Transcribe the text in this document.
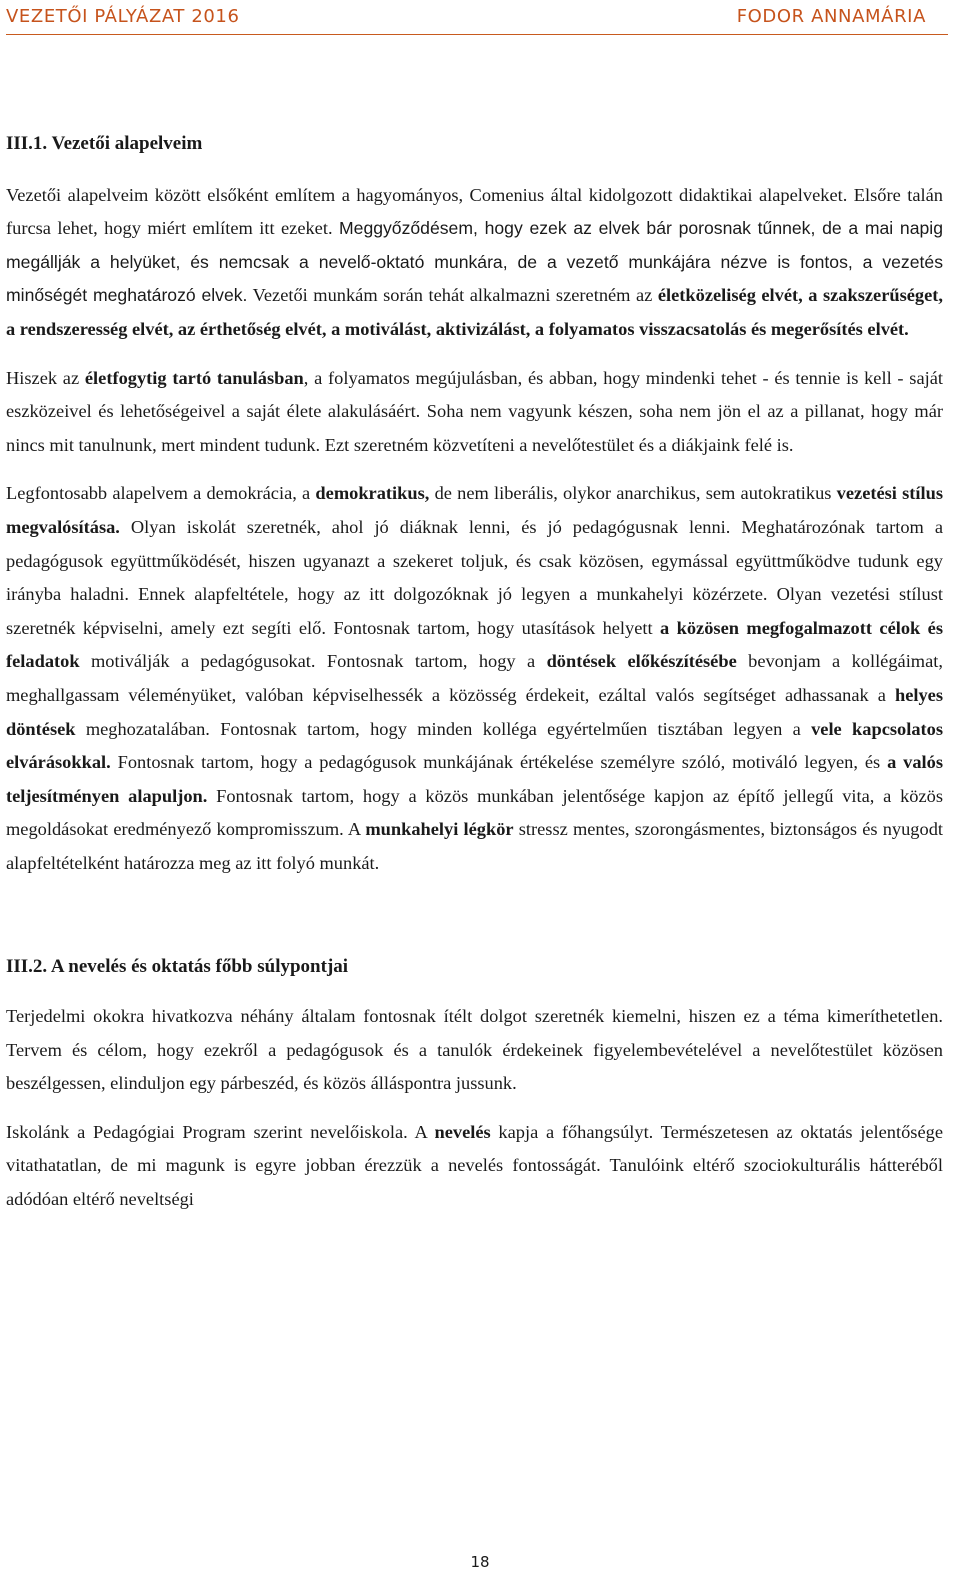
VEZETŐI PÁLYÁZAT 2016	FODOR ANNAMÁRIA
III.1. Vezetői alapelveim

Vezetői alapelveim között elsőként említem a hagyományos, Comenius által kidolgozott didaktikai alapelveket. Elsőre talán furcsa lehet, hogy miért említem itt ezeket. Meggyőződésem, hogy ezek az elvek bár porosnak tűnnek, de a mai napig megállják a helyüket, és nemcsak a nevelő-oktató munkára, de a vezető munkájára nézve is fontos, a vezetés minőségét meghatározó elvek. Vezetői munkám során tehát alkalmazni szeretném az életközeliség elvét, a szakszerűséget, a rendszeresség elvét, az érthetőség elvét, a motiválást, aktivizálást, a folyamatos visszacsatolás és megerősítés elvét.

Hiszek az életfogytig tartó tanulásban, a folyamatos megújulásban, és abban, hogy mindenki tehet - és tennie is kell - saját eszközeivel és lehetőségeivel a saját élete alakulásáért. Soha nem vagyunk készen, soha nem jön el az a pillanat, hogy már nincs mit tanulnunk, mert mindent tudunk. Ezt szeretném közvetíteni a nevelőtestület és a diákjaink felé is.

Legfontosabb alapelvem a demokrácia, a demokratikus, de nem liberális, olykor anarchikus, sem autokratikus vezetési stílus megvalósítása. Olyan iskolát szeretnék, ahol jó diáknak lenni, és jó pedagógusnak lenni. Meghatározónak tartom a pedagógusok együttműködését, hiszen ugyanazt a szekeret toljuk, és csak közösen, egymással együttműködve tudunk egy irányba haladni. Ennek alapfeltétele, hogy az itt dolgozóknak jó legyen a munkahelyi közérzete. Olyan vezetési stílust szeretnék képviselni, amely ezt segíti elő. Fontosnak tartom, hogy utasítások helyett a közösen megfogalmazott célok és feladatok motiválják a pedagógusokat. Fontosnak tartom, hogy a döntések előkészítésébe bevonjam a kollégáimat, meghallgassam véleményüket, valóban képviselhessék a közösség érdekeit, ezáltal valós segítséget adhassanak a helyes döntések meghozatalában. Fontosnak tartom, hogy minden kolléga egyértelműen tisztában legyen a vele kapcsolatos elvárásokkal. Fontosnak tartom, hogy a pedagógusok munkájának értékelése személyre szóló, motiváló legyen, és a valós teljesítményen alapuljon. Fontosnak tartom, hogy a közös munkában jelentősége kapjon az építő jellegű vita, a közös megoldásokat eredményező kompromisszum. A munkahelyi légkör stressz mentes, szorongásmentes, biztonságos és nyugodt alapfeltételként határozza meg az itt folyó munkát.

III.2. A nevelés és oktatás főbb súlypontjai

Terjedelmi okokra hivatkozva néhány általam fontosnak ítélt dolgot szeretnék kiemelni, hiszen ez a téma kimeríthetetlen. Tervem és célom, hogy ezekről a pedagógusok és a tanulók érdekeinek figyelembevételével a nevelőtestület közösen beszélgessen, elinduljon egy párbeszéd, és közös álláspontra jussunk.

Iskolánk a Pedagógiai Program szerint nevelőiskola. A nevelés kapja a főhangsúlyt. Természetesen az oktatás jelentősége vitathatatlan, de mi magunk is egyre jobban érezzük a nevelés fontosságát. Tanulóink eltérő szociokulturális hátteréből adódóan eltérő neveltségi

18
